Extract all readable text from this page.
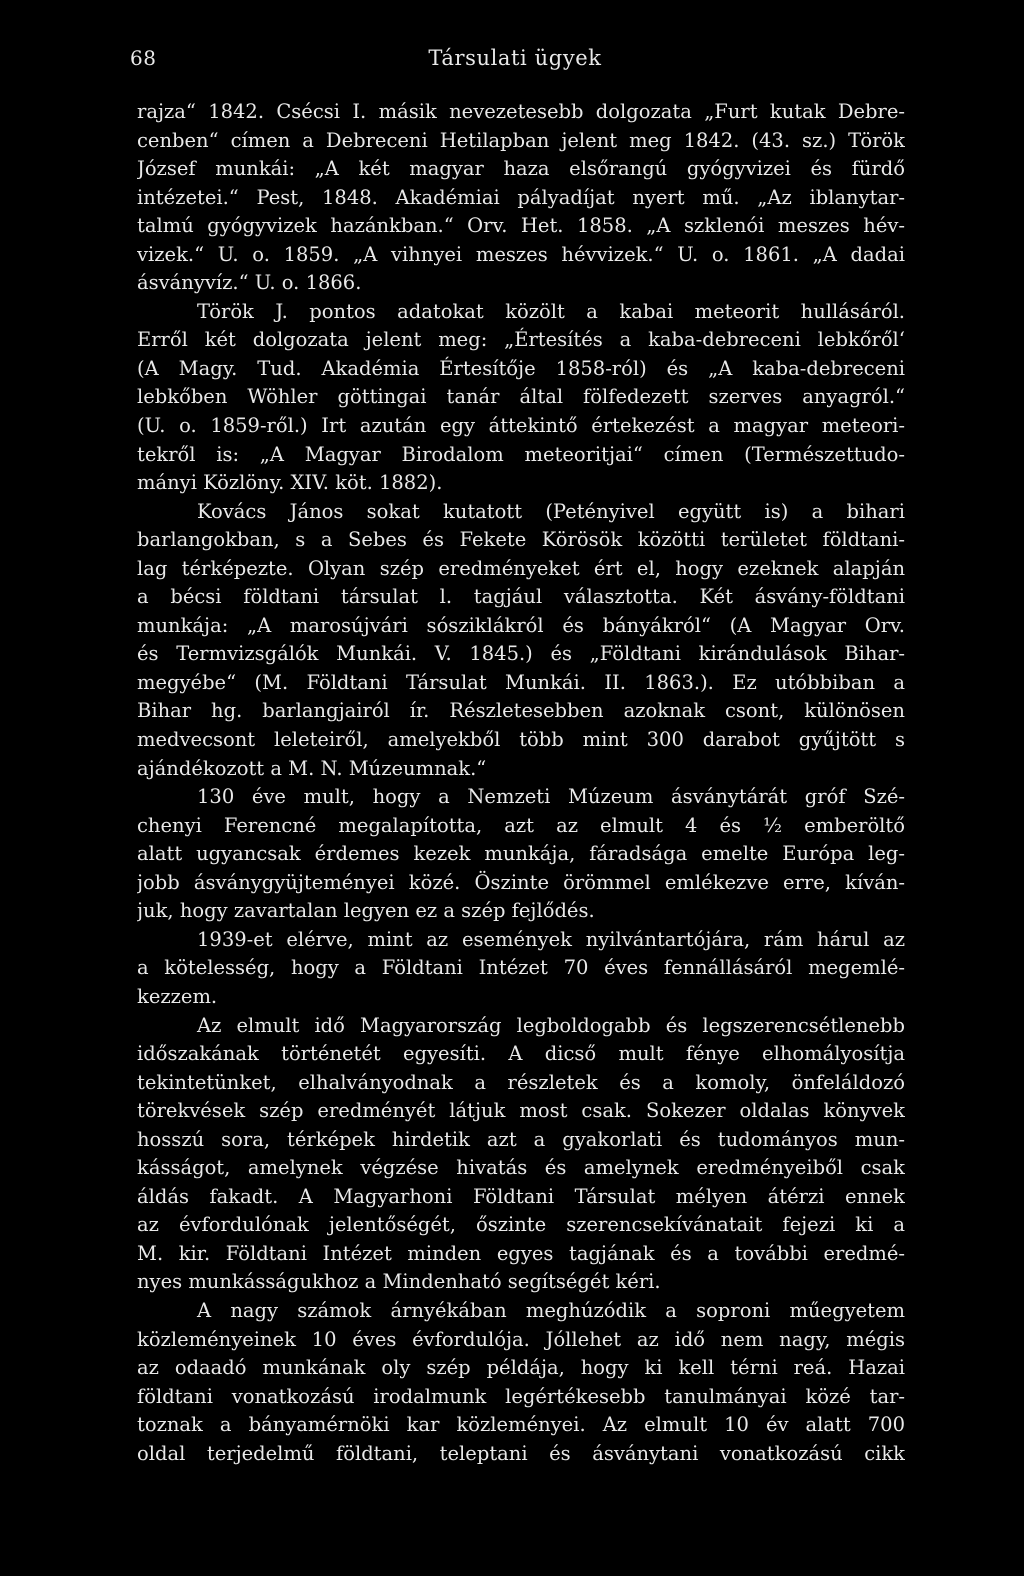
68	Társulati ügyek
rajza“ 1842. Csécsi I. másik nevezetesebb dolgozata „Furt kutak Debre-
cenben“ címen a Debreceni Hetilapban jelent meg 1842. (43. sz.) Török
József munkái: „A két magyar haza elsőrangú gyógyvizei és fürdő
intézetei.“ Pest, 1848. Akadémiai pályadíjat nyert mű. „Az iblanytar-
talmú gyógyvizek hazánkban.“ Orv. Het. 1858. „A szklenói meszes hév-
vizek.“ U. o. 1859. „A vihnyei meszes hévvizek.“ U. o. 1861. „A dadai
ásványvíz.“ U. o. 1866.
Török J. pontos adatokat közölt a kabai meteorit hullásáról.
Erről két dolgozata jelent meg: „Értesítés a kaba-debreceni lebkőről‘
(A Magy. Tud. Akadémia Értesítője 1858-ról) és „A kaba-debreceni
lebkőben Wöhler göttingai tanár által fölfedezett szerves anyagról.“
(U. o. 1859-ről.) Irt azután egy áttekintő értekezést a magyar meteori-
tekről is: „A Magyar Birodalom meteoritjai“ címen (Természettudo-
mányi Közlöny. XIV. köt. 1882).
Kovács János sokat kutatott (Petényivel együtt is) a bihari
barlangokban, s a Sebes és Fekete Körösök közötti területet földtani-
lag térképezte. Olyan szép eredményeket ért el, hogy ezeknek alapján
a bécsi földtani társulat l. tagjául választotta. Két ásvány-földtani
munkája: „A marosújvári sósziklákról és bányákról“ (A Magyar Orv.
és Termvizsgálók Munkái. V. 1845.) és „Földtani kirándulások Bihar-
megyébe“ (M. Földtani Társulat Munkái. II. 1863.). Ez utóbbiban a
Bihar hg. barlangjairól ír. Részletesebben azoknak csont, különösen
medvecsont leleteiről, amelyekből több mint 300 darabot gyűjtött s
ajándékozott a M. N. Múzeumnak.“
130 éve mult, hogy a Nemzeti Múzeum ásványtárát gróf Szé-
chenyi Ferencné megalapította, azt az elmult 4 és ½ emberöltő
alatt ugyancsak érdemes kezek munkája, fáradsága emelte Európa leg-
jobb ásványgyüjteményei közé. Öszinte örömmel emlékezve erre, kíván-
juk, hogy zavartalan legyen ez a szép fejlődés.
1939-et elérve, mint az események nyilvántartójára, rám hárul az
a kötelesség, hogy a Földtani Intézet 70 éves fennállásáról megemlé-
kezzem.
Az elmult idő Magyarország legboldogabb és legszerencsétlenebb
időszakának történetét egyesíti. A dicső mult fénye elhomályosítja
tekintetünket, elhalványodnak a részletek és a komoly, önfeláldozó
törekvések szép eredményét látjuk most csak. Sokezer oldalas könyvek
hosszú sora, térképek hirdetik azt a gyakorlati és tudományos mun-
kásságot, amelynek végzése hivatás és amelynek eredményeiből csak
áldás fakadt. A Magyarhoni Földtani Társulat mélyen átérzi ennek
az évfordulónak jelentőségét, őszinte szerencsekívánatait fejezi ki a
M. kir. Földtani Intézet minden egyes tagjának és a további eredmé-
nyes munkásságukhoz a Mindenható segítségét kéri.
A nagy számok árnyékában meghúzódik a soproni műegyetem
közleményeinek 10 éves évfordulója. Jóllehet az idő nem nagy, mégis
az odaadó munkának oly szép példája, hogy ki kell térni reá. Hazai
földtani vonatkozású irodalmunk legértékesebb tanulmányai közé tar-
toznak a bányamérnöki kar közleményei. Az elmult 10 év alatt 700
oldal terjedelmű földtani, teleptani és ásványtani vonatkozású cikk
